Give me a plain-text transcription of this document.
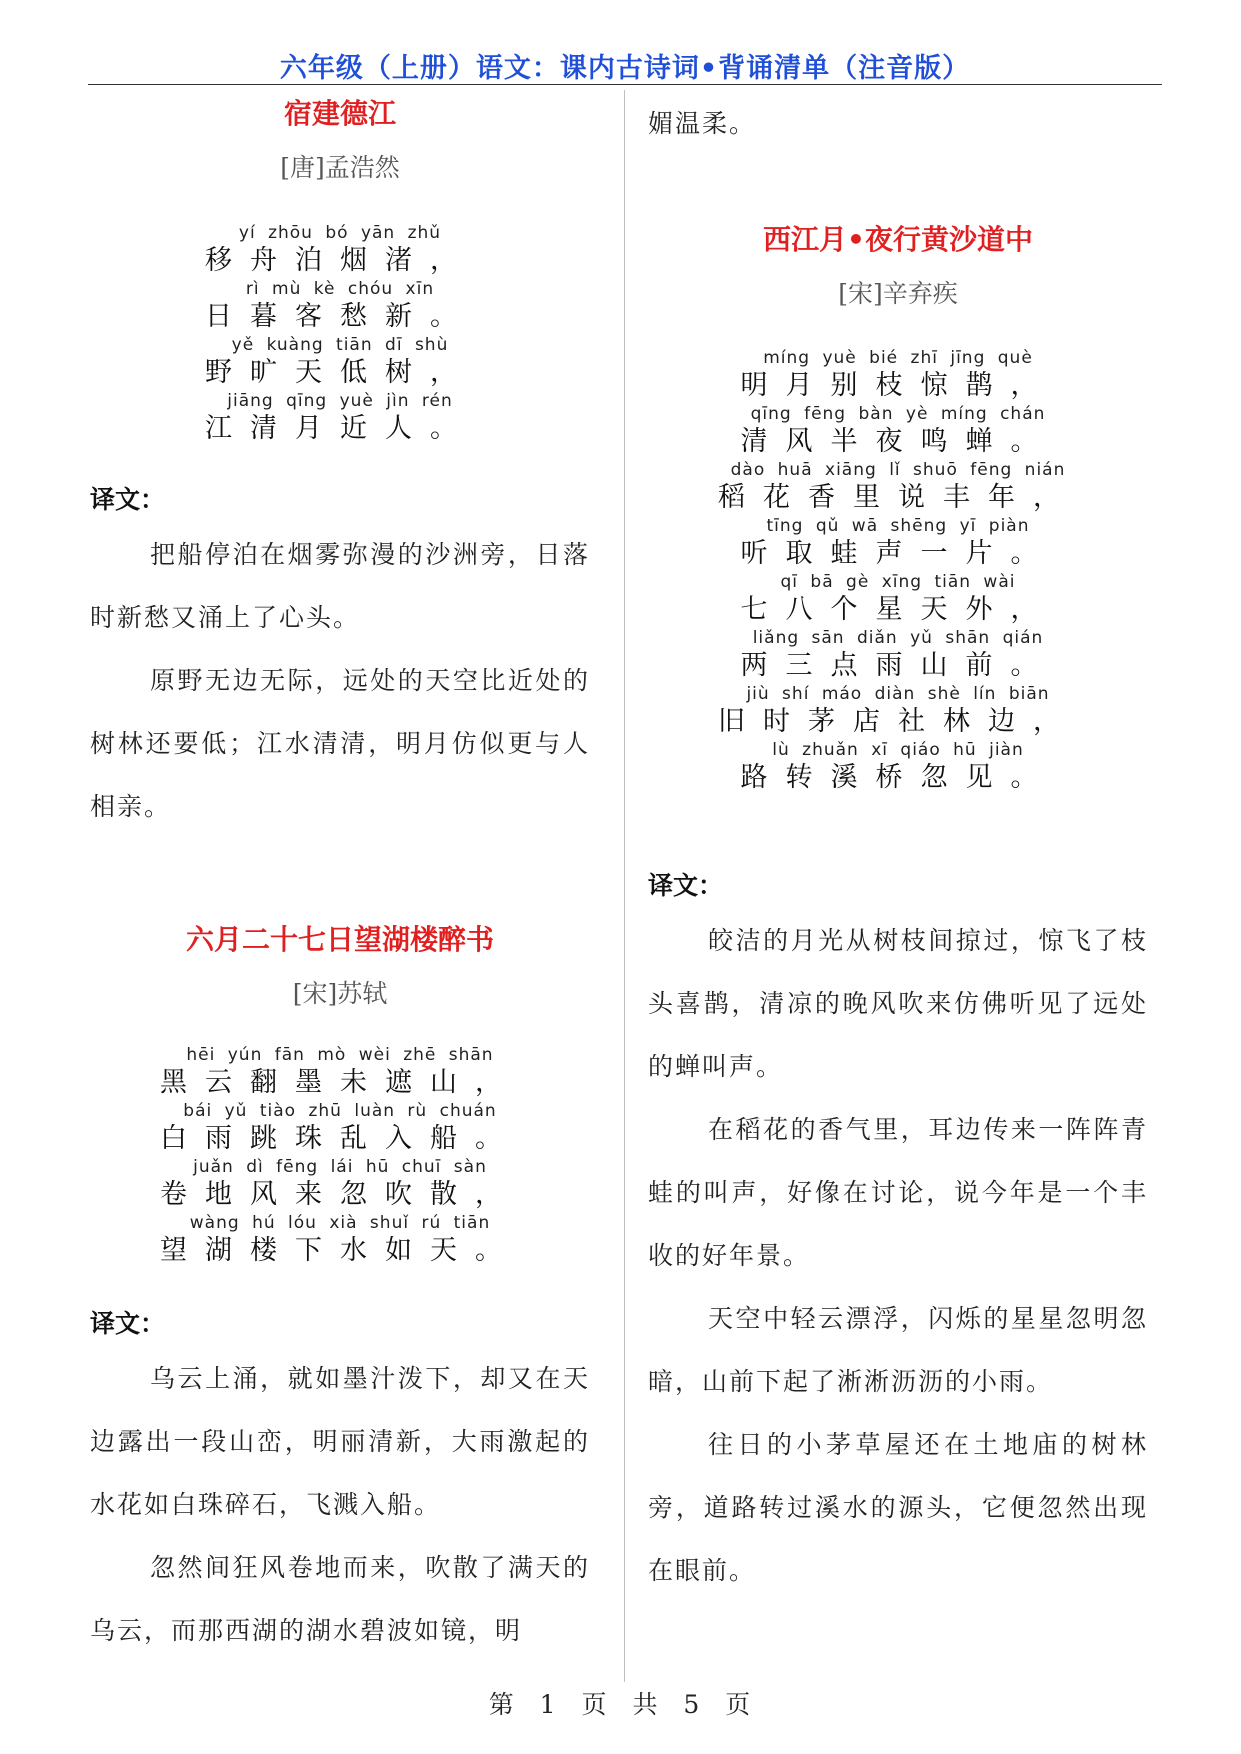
六年级（上册）语文：课内古诗词•背诵清单（注音版）
宿建德江
[唐]孟浩然
yí zhōu bó yān zhǔ
移舟泊烟渚，
rì mù kè chóu xīn
日暮客愁新。
yě kuàng tiān dī shù
野旷天低树，
jiāng qīng yuè jìn rén
江清月近人。
译文：

把船停泊在烟雾弥漫的沙洲旁，日落时新愁又涌上了心头。

原野无边无际，远处的天空比近处的树林还要低；江水清清，明月仿似更与人相亲。

六月二十七日望湖楼醉书
[宋]苏轼
hēi yún fān mò wèi zhē shān
黑云翻墨未遮山，
bái yǔ tiào zhū luàn rù chuán
白雨跳珠乱入船。
juǎn dì fēng lái hū chuī sàn
卷地风来忽吹散，
wàng hú lóu xià shuǐ rú tiān
望湖楼下水如天。
译文：

乌云上涌，就如墨汁泼下，却又在天边露出一段山峦，明丽清新，大雨激起的水花如白珠碎石，飞溅入船。

忽然间狂风卷地而来，吹散了满天的乌云，而那西湖的湖水碧波如镜，明

媚温柔。

西江月•夜行黄沙道中
[宋]辛弃疾
míng yuè bié zhī jīng què
明月别枝惊鹊，
qīng fēng bàn yè míng chán
清风半夜鸣蝉。
dào huā xiāng lǐ shuō fēng nián
稻花香里说丰年，
tīng qǔ wā shēng yī piàn
听取蛙声一片。
qī bā gè xīng tiān wài
七八个星天外，
liǎng sān diǎn yǔ shān qián
两三点雨山前。
jiù shí máo diàn shè lín biān
旧时茅店社林边，
lù zhuǎn xī qiáo hū jiàn
路转溪桥忽见。
译文：

皎洁的月光从树枝间掠过，惊飞了枝头喜鹊，清凉的晚风吹来仿佛听见了远处的蝉叫声。

在稻花的香气里，耳边传来一阵阵青蛙的叫声，好像在讨论，说今年是一个丰收的好年景。

天空中轻云漂浮，闪烁的星星忽明忽暗，山前下起了淅淅沥沥的小雨。

往日的小茅草屋还在土地庙的树林旁，道路转过溪水的源头，它便忽然出现在眼前。

第 1 页 共 5 页
